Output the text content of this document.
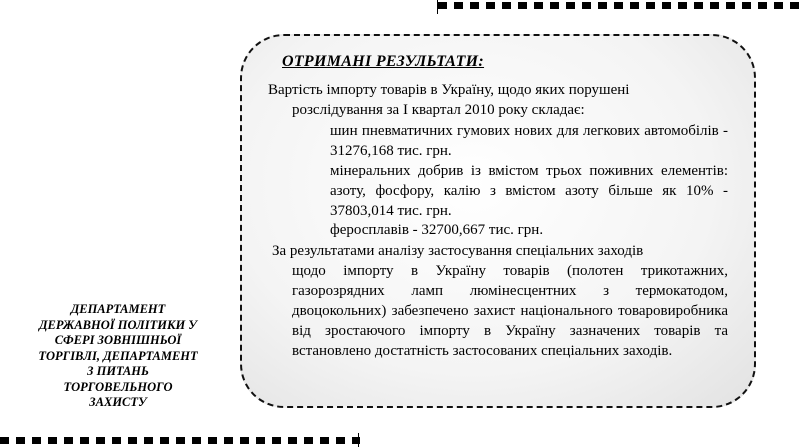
ОТРИМАНІ РЕЗУЛЬТАТИ:
Вартість імпорту товарів в Україну, щодо яких порушені
розслідування за І квартал 2010 року складає:
шин пневматичних гумових нових для легкових автомобілів - 31276,168 тис. грн.
мінеральних добрив із вмістом трьох поживних елементів: азоту, фосфору, калію з вмістом азоту більше як 10% - 37803,014 тис. грн.
феросплавів - 32700,667 тис. грн.
За результатами аналізу застосування спеціальних заходів
щодо імпорту в Україну товарів (полотен трикотажних, газорозрядних ламп люмінесцентних з термокатодом, двоцокольних) забезпечено захист національного товаровиробника від зростаючого імпорту в Україну зазначених товарів та встановлено достатність застосованих спеціальних заходів.
ДЕПАРТАМЕНТ
ДЕРЖАВНОЇ ПОЛІТИКИ У
СФЕРІ ЗОВНІШНЬОЇ
ТОРГІВЛІ, ДЕПАРТАМЕНТ
З ПИТАНЬ
ТОРГОВЕЛЬНОГО
ЗАХИСТУ
